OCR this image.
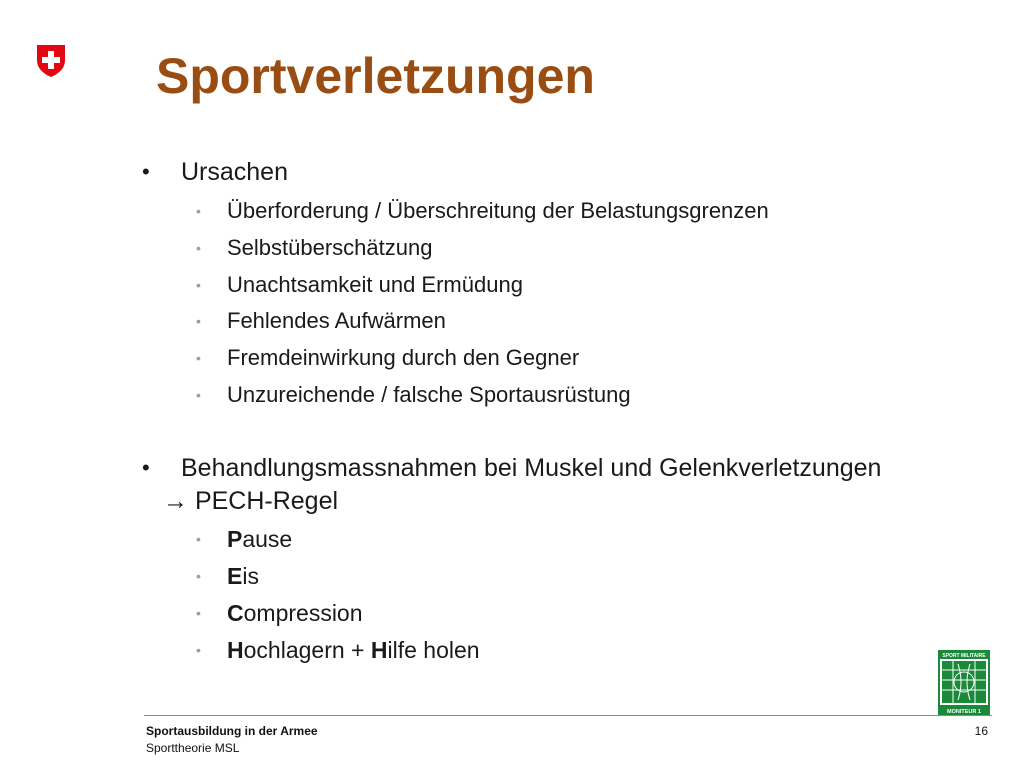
Sportverletzungen
• Ursachen
• Überforderung / Überschreitung der Belastungsgrenzen
• Selbstüberschätzung
• Unachtsamkeit und Ermüdung
• Fehlendes Aufwärmen
• Fremdeinwirkung durch den Gegner
• Unzureichende / falsche Sportausrüstung
• Behandlungsmassnahmen bei Muskel und Gelenkverletzungen
→ PECH-Regel
• Pause
• Eis
• Compression
• Hochlagern + Hilfe holen	SPORT MILITAIRE
MONITEUR 1
Sportausbildung in der Armee
Sporttheorie MSL
16
